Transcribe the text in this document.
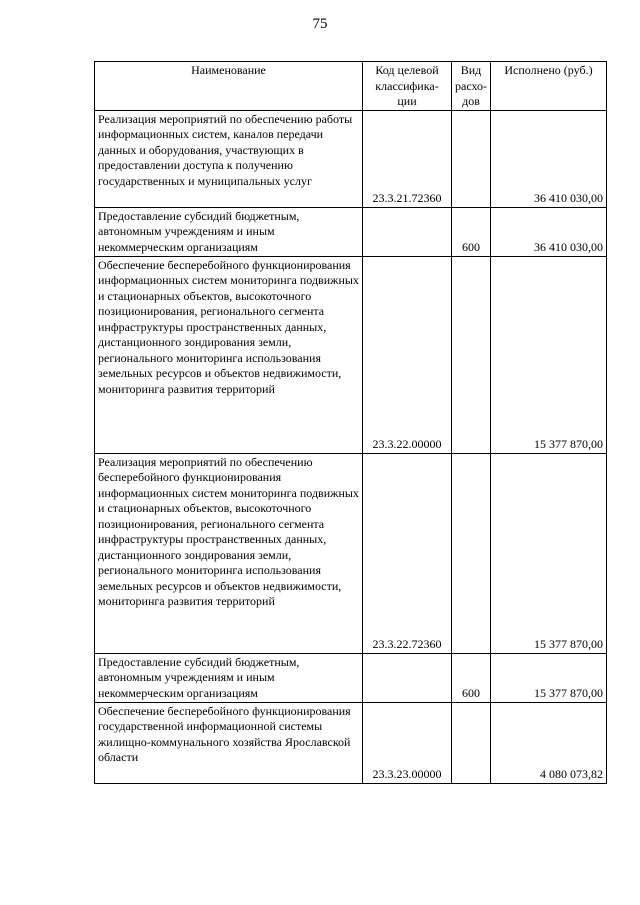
75
Наименование	Код целевой классифика-ции	Вид расхо-дов	Исполнено (руб.)
Реализация мероприятий по обеспечению работы информационных систем, каналов передачи данных и оборудования, участвующих в предоставлении доступа к получению государственных и муниципальных услуг	23.3.21.72360		36 410 030,00
Предоставление субсидий бюджетным, автономным учреждениям и иным некоммерческим организациям		600	36 410 030,00
Обеспечение бесперебойного функционирования информационных систем мониторинга подвижных и стационарных объектов, высокоточного позиционирования, регионального сегмента инфраструктуры пространственных данных, дистанционного зондирования земли, регионального мониторинга использования земельных ресурсов и объектов недвижимости, мониторинга развития территорий	23.3.22.00000		15 377 870,00
Реализация мероприятий по обеспечению бесперебойного функционирования информационных систем мониторинга подвижных и стационарных объектов, высокоточного позиционирования, регионального сегмента инфраструктуры пространственных данных, дистанционного зондирования земли, регионального мониторинга использования земельных ресурсов и объектов недвижимости, мониторинга развития территорий	23.3.22.72360		15 377 870,00
Предоставление субсидий бюджетным, автономным учреждениям и иным некоммерческим организациям		600	15 377 870,00
Обеспечение бесперебойного функционирования государственной информационной системы жилищно-коммунального хозяйства Ярославской области	23.3.23.00000		4 080 073,82
